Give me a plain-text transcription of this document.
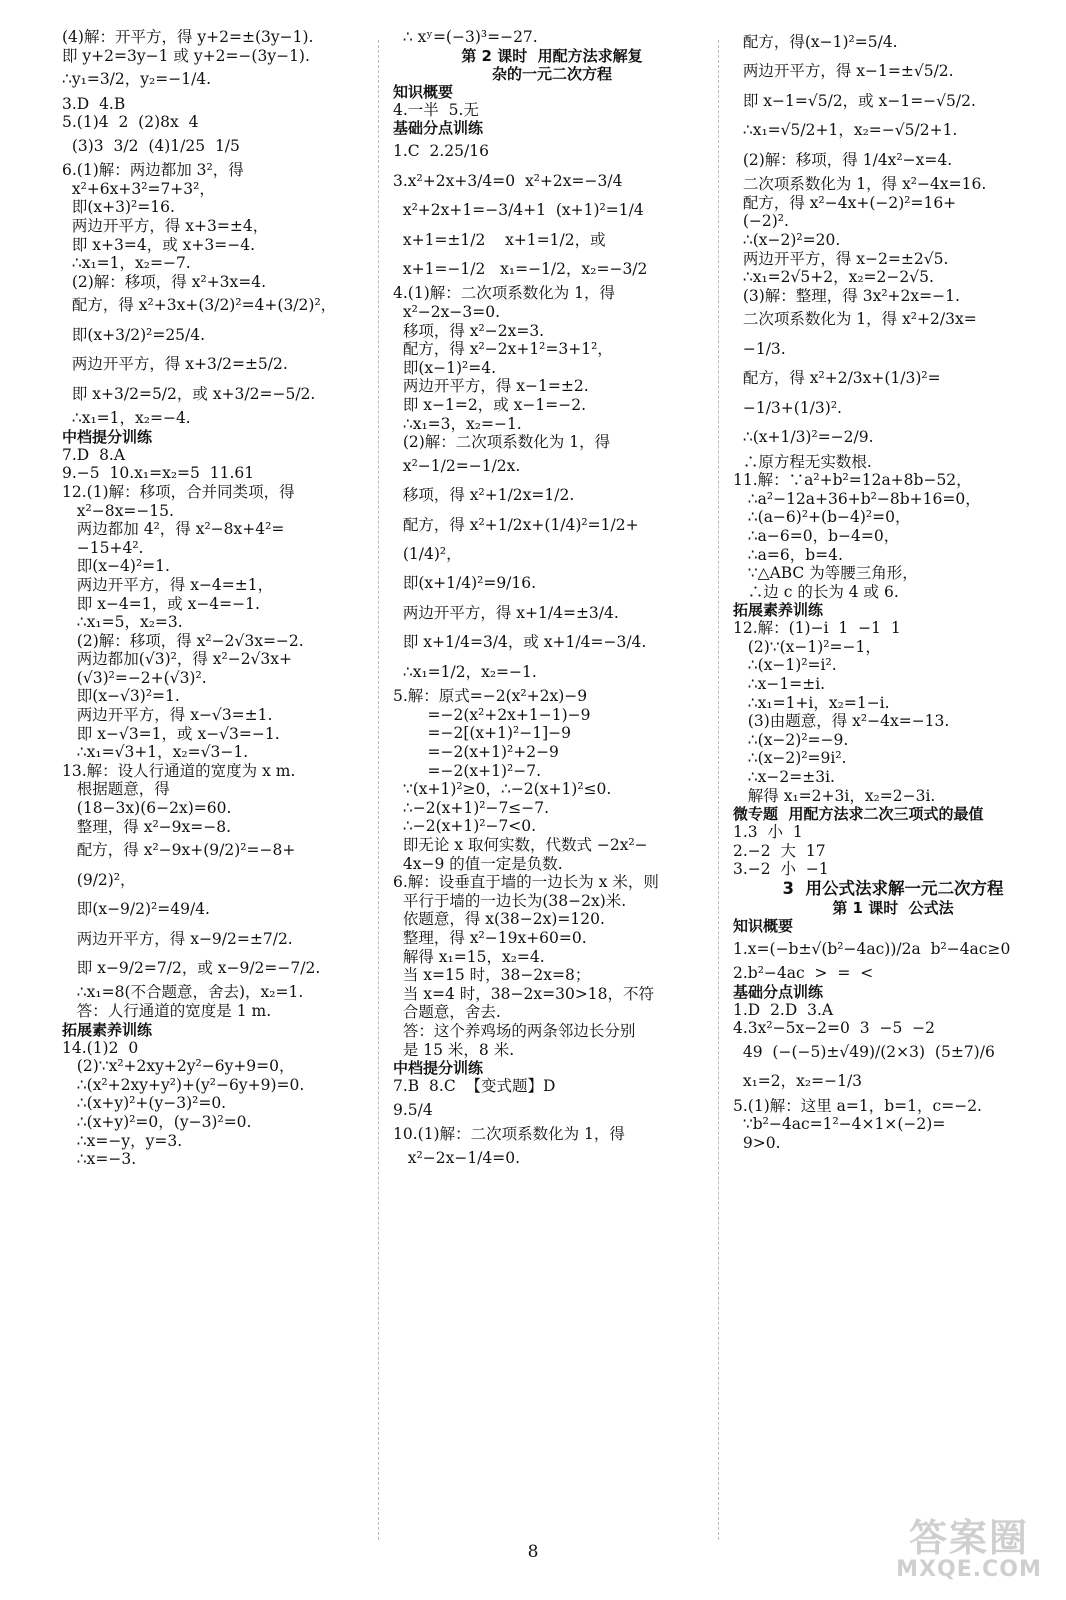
(4)解：开平方，得 y+2=±(3y−1).
即 y+2=3y−1 或 y+2=−(3y−1).
∴y₁=3/2，y₂=−1/4.
3.D  4.B
5.(1)4  2  (2)8x  4
(3)3  3/2  (4)1/25  1/5
6.(1)解：两边都加 3²，得
x²+6x+3²=7+3²，
即(x+3)²=16.
两边开平方，得 x+3=±4，
即 x+3=4，或 x+3=−4.
∴x₁=1，x₂=−7.
(2)解：移项，得 x²+3x=4.
配方，得 x²+3x+(3/2)²=4+(3/2)²，
即(x+3/2)²=25/4.
两边开平方，得 x+3/2=±5/2.
即 x+3/2=5/2，或 x+3/2=−5/2.
∴x₁=1，x₂=−4.
中档提分训练
7.D  8.A
9.−5  10.x₁=x₂=5  11.61
12.(1)解：移项，合并同类项，得
x²−8x=−15.
两边都加 4²，得 x²−8x+4²=
−15+4².
即(x−4)²=1.
两边开平方，得 x−4=±1，
即 x−4=1，或 x−4=−1.
∴x₁=5，x₂=3.
(2)解：移项，得 x²−2√3x=−2.
两边都加(√3)²，得 x²−2√3x+
(√3)²=−2+(√3)².
即(x−√3)²=1.
两边开平方，得 x−√3=±1.
即 x−√3=1，或 x−√3=−1.
∴x₁=√3+1，x₂=√3−1.
13.解：设人行通道的宽度为 x m.
根据题意，得
(18−3x)(6−2x)=60.
整理，得 x²−9x=−8.
配方，得 x²−9x+(9/2)²=−8+
(9/2)²，
即(x−9/2)²=49/4.
两边开平方，得 x−9/2=±7/2.
即 x−9/2=7/2，或 x−9/2=−7/2.
∴x₁=8(不合题意，舍去)，x₂=1.
答：人行通道的宽度是 1 m.
拓展素养训练
14.(1)2  0
(2)∵x²+2xy+2y²−6y+9=0，
∴(x²+2xy+y²)+(y²−6y+9)=0.
∴(x+y)²+(y−3)²=0.
∴(x+y)²=0，(y−3)²=0.
∴x=−y，y=3.
∴x=−3.
∴ xʸ=(−3)³=−27.
第 2 课时  用配方法求解复
杂的一元二次方程
知识概要
4.一半  5.无
基础分点训练
1.C  2.25/16
3.x²+2x+3/4=0  x²+2x=−3/4
x²+2x+1=−3/4+1  (x+1)²=1/4
x+1=±1/2    x+1=1/2，或
x+1=−1/2   x₁=−1/2，x₂=−3/2
4.(1)解：二次项系数化为 1，得
x²−2x−3=0.
移项，得 x²−2x=3.
配方，得 x²−2x+1²=3+1²，
即(x−1)²=4.
两边开平方，得 x−1=±2.
即 x−1=2，或 x−1=−2.
∴x₁=3，x₂=−1.
(2)解：二次项系数化为 1，得
x²−1/2=−1/2x.
移项，得 x²+1/2x=1/2.
配方，得 x²+1/2x+(1/4)²=1/2+
(1/4)²，
即(x+1/4)²=9/16.
两边开平方，得 x+1/4=±3/4.
即 x+1/4=3/4，或 x+1/4=−3/4.
∴x₁=1/2，x₂=−1.
5.解：原式=−2(x²+2x)−9
=−2(x²+2x+1−1)−9
=−2[(x+1)²−1]−9
=−2(x+1)²+2−9
=−2(x+1)²−7.
∵(x+1)²≥0，∴−2(x+1)²≤0.
∴−2(x+1)²−7≤−7.
∴−2(x+1)²−7<0.
即无论 x 取何实数，代数式 −2x²−
4x−9 的值一定是负数.
6.解：设垂直于墙的一边长为 x 米，则
平行于墙的一边长为(38−2x)米.
依题意，得 x(38−2x)=120.
整理，得 x²−19x+60=0.
解得 x₁=15，x₂=4.
当 x=15 时，38−2x=8；
当 x=4 时，38−2x=30>18，不符
合题意，舍去.
答：这个养鸡场的两条邻边长分别
是 15 米，8 米.
中档提分训练
7.B  8.C  【变式题】D
9.5/4
10.(1)解：二次项系数化为 1，得
x²−2x−1/4=0.
配方，得(x−1)²=5/4.
两边开平方，得 x−1=±√5/2.
即 x−1=√5/2，或 x−1=−√5/2.
∴x₁=√5/2+1，x₂=−√5/2+1.
(2)解：移项，得 1/4x²−x=4.
二次项系数化为 1，得 x²−4x=16.
配方，得 x²−4x+(−2)²=16+
(−2)².
∴(x−2)²=20.
两边开平方，得 x−2=±2√5.
∴x₁=2√5+2，x₂=2−2√5.
(3)解：整理，得 3x²+2x=−1.
二次项系数化为 1，得 x²+2/3x=
−1/3.
配方，得 x²+2/3x+(1/3)²=
−1/3+(1/3)².
∴(x+1/3)²=−2/9.
∴原方程无实数根.
11.解：∵a²+b²=12a+8b−52，
∴a²−12a+36+b²−8b+16=0，
∴(a−6)²+(b−4)²=0，
∴a−6=0，b−4=0，
∴a=6，b=4.
∵△ABC 为等腰三角形，
∴边 c 的长为 4 或 6.
拓展素养训练
12.解：(1)−i  1  −1  1
(2)∵(x−1)²=−1，
∴(x−1)²=i².
∴x−1=±i.
∴x₁=1+i，x₂=1−i.
(3)由题意，得 x²−4x=−13.
∴(x−2)²=−9.
∴(x−2)²=9i².
∴x−2=±3i.
解得 x₁=2+3i，x₂=2−3i.
微专题  用配方法求二次三项式的最值
1.3  小  1
2.−2  大  17
3.−2  小  −1
3  用公式法求解一元二次方程
第 1 课时  公式法
知识概要
1.x=(−b±√(b²−4ac))/2a  b²−4ac≥0
2.b²−4ac  >  =  <
基础分点训练
1.D  2.D  3.A
4.3x²−5x−2=0  3  −5  −2
49  (−(−5)±√49)/(2×3)  (5±7)/6
x₁=2，x₂=−1/3
5.(1)解：这里 a=1，b=1，c=−2.
∵b²−4ac=1²−4×1×(−2)=
9>0.
8	答案圈
MXQE.COM
